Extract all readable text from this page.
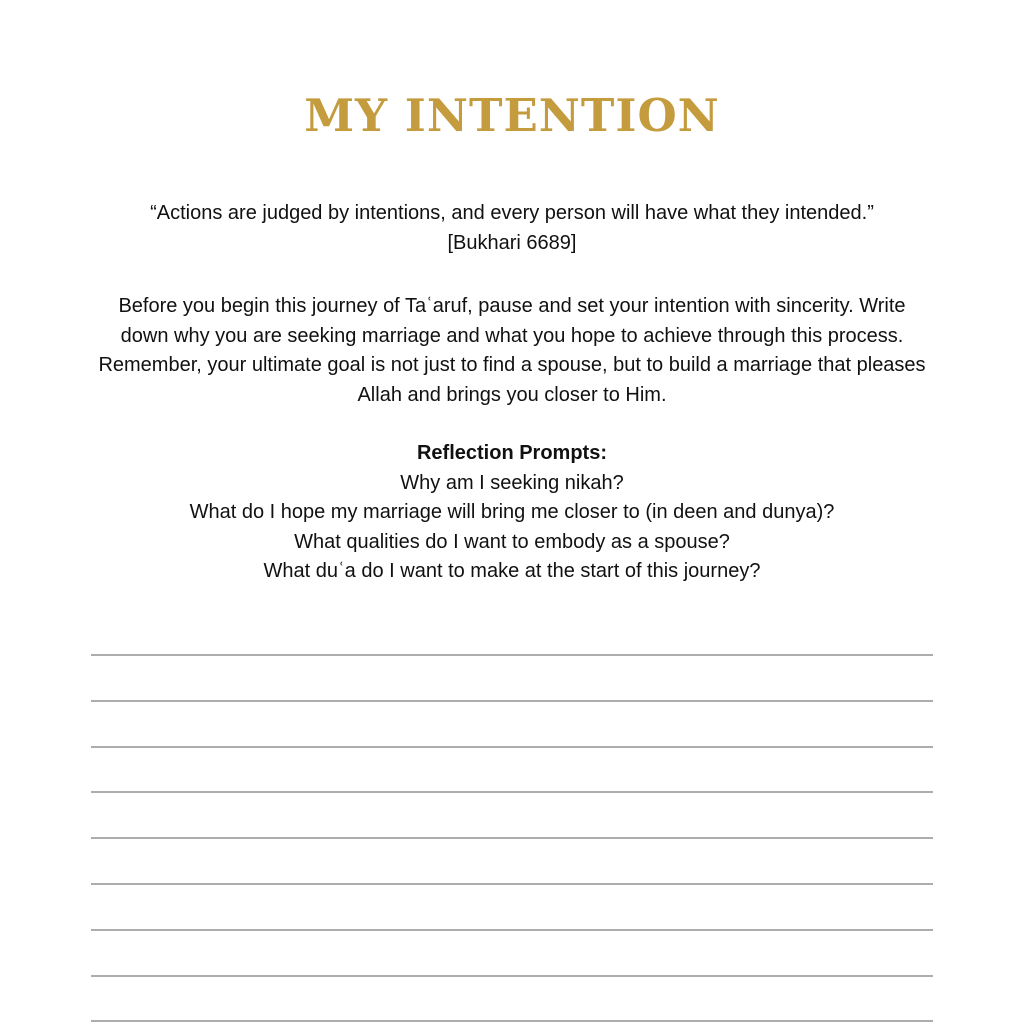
MY INTENTION
“Actions are judged by intentions, and every person will have what they intended.”
[Bukhari 6689]
Before you begin this journey of Taʿaruf, pause and set your intention with sincerity. Write
down why you are seeking marriage and what you hope to achieve through this process.
Remember, your ultimate goal is not just to find a spouse, but to build a marriage that pleases
Allah and brings you closer to Him.
Reflection Prompts:
Why am I seeking nikah?
What do I hope my marriage will bring me closer to (in deen and dunya)?
What qualities do I want to embody as a spouse?
What duʿa do I want to make at the start of this journey?
